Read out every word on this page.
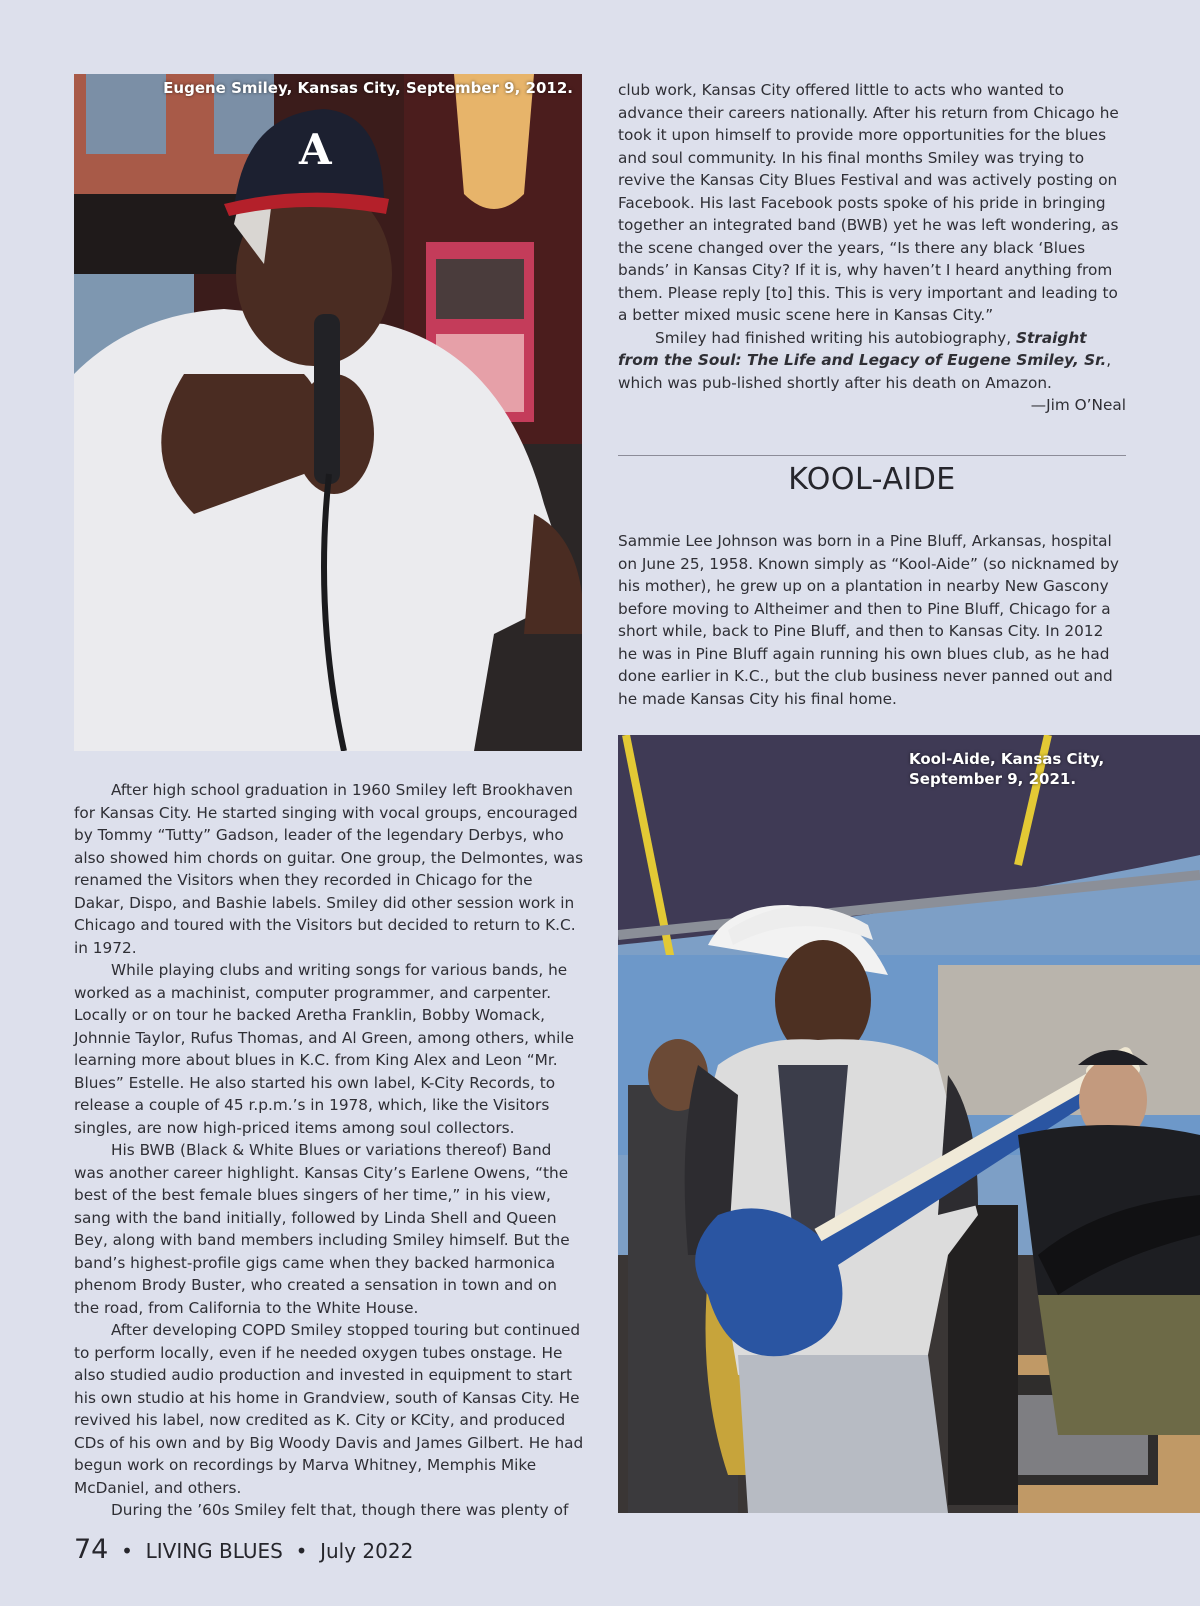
A
Eugene Smiley, Kansas City, September 9, 2012.	club work, Kansas City offered little to acts who wanted to advance their careers nationally. After his return from Chicago he took it upon himself to provide more opportunities for the blues and soul community. In his final months Smiley was trying to revive the Kansas City Blues Festival and was actively posting on Facebook. His last Facebook posts spoke of his pride in bringing together an integrated band (BWB) yet he was left wondering, as the scene changed over the years, “Is there any black ‘Blues bands’ in Kansas City? If it is, why haven’t I heard anything from them. Please reply [to] this. This is very important and leading to a better mixed music scene here in Kansas City.”

Smiley had finished writing his autobiography, Straight from the Soul: The Life and Legacy of Eugene Smiley, Sr., which was pub-lished shortly after his death on Amazon.

—Jim O’Neal

KOOL-AIDE

Sammie Lee Johnson was born in a Pine Bluff, Arkansas, hospital on June 25, 1958. Known simply as “Kool-Aide” (so nicknamed by his mother), he grew up on a plantation in nearby New Gascony before moving to Altheimer and then to Pine Bluff, Chicago for a short while, back to Pine Bluff, and then to Kansas City. In 2012 he was in Pine Bluff again running his own blues club, as he had done earlier in K.C., but the club business never panned out and he made Kansas City his final home.

Kool-Aide, Kansas City,
September 9, 2021.

After high school graduation in 1960 Smiley left Brookhaven for Kansas City. He started singing with vocal groups, encouraged by Tommy “Tutty” Gadson, leader of the legendary Derbys, who also showed him chords on guitar. One group, the Delmontes, was renamed the Visitors when they recorded in Chicago for the Dakar, Dispo, and Bashie labels. Smiley did other session work in Chicago and toured with the Visitors but decided to return to K.C. in 1972.

While playing clubs and writing songs for various bands, he worked as a machinist, computer programmer, and carpenter. Locally or on tour he backed Aretha Franklin, Bobby Womack, Johnnie Taylor, Rufus Thomas, and Al Green, among others, while learning more about blues in K.C. from King Alex and Leon “Mr. Blues” Estelle. He also started his own label, K-City Records, to release a couple of 45 r.p.m.’s in 1978, which, like the Visitors singles, are now high-priced items among soul collectors.

His BWB (Black & White Blues or variations thereof) Band was another career highlight. Kansas City’s Earlene Owens, “the best of the best female blues singers of her time,” in his view, sang with the band initially, followed by Linda Shell and Queen Bey, along with band members including Smiley himself. But the band’s highest-profile gigs came when they backed harmonica phenom Brody Buster, who created a sensation in town and on the road, from California to the White House.

After developing COPD Smiley stopped touring but continued to perform locally, even if he needed oxygen tubes onstage. He also studied audio production and invested in equipment to start his own studio at his home in Grandview, south of Kansas City. He revived his label, now credited as K. City or KCity, and produced CDs of his own and by Big Woody Davis and James Gilbert. He had begun work on recordings by Marva Whitney, Memphis Mike McDaniel, and others.

During the ’60s Smiley felt that, though there was plenty of

74 • LIVING BLUES • July 2022
